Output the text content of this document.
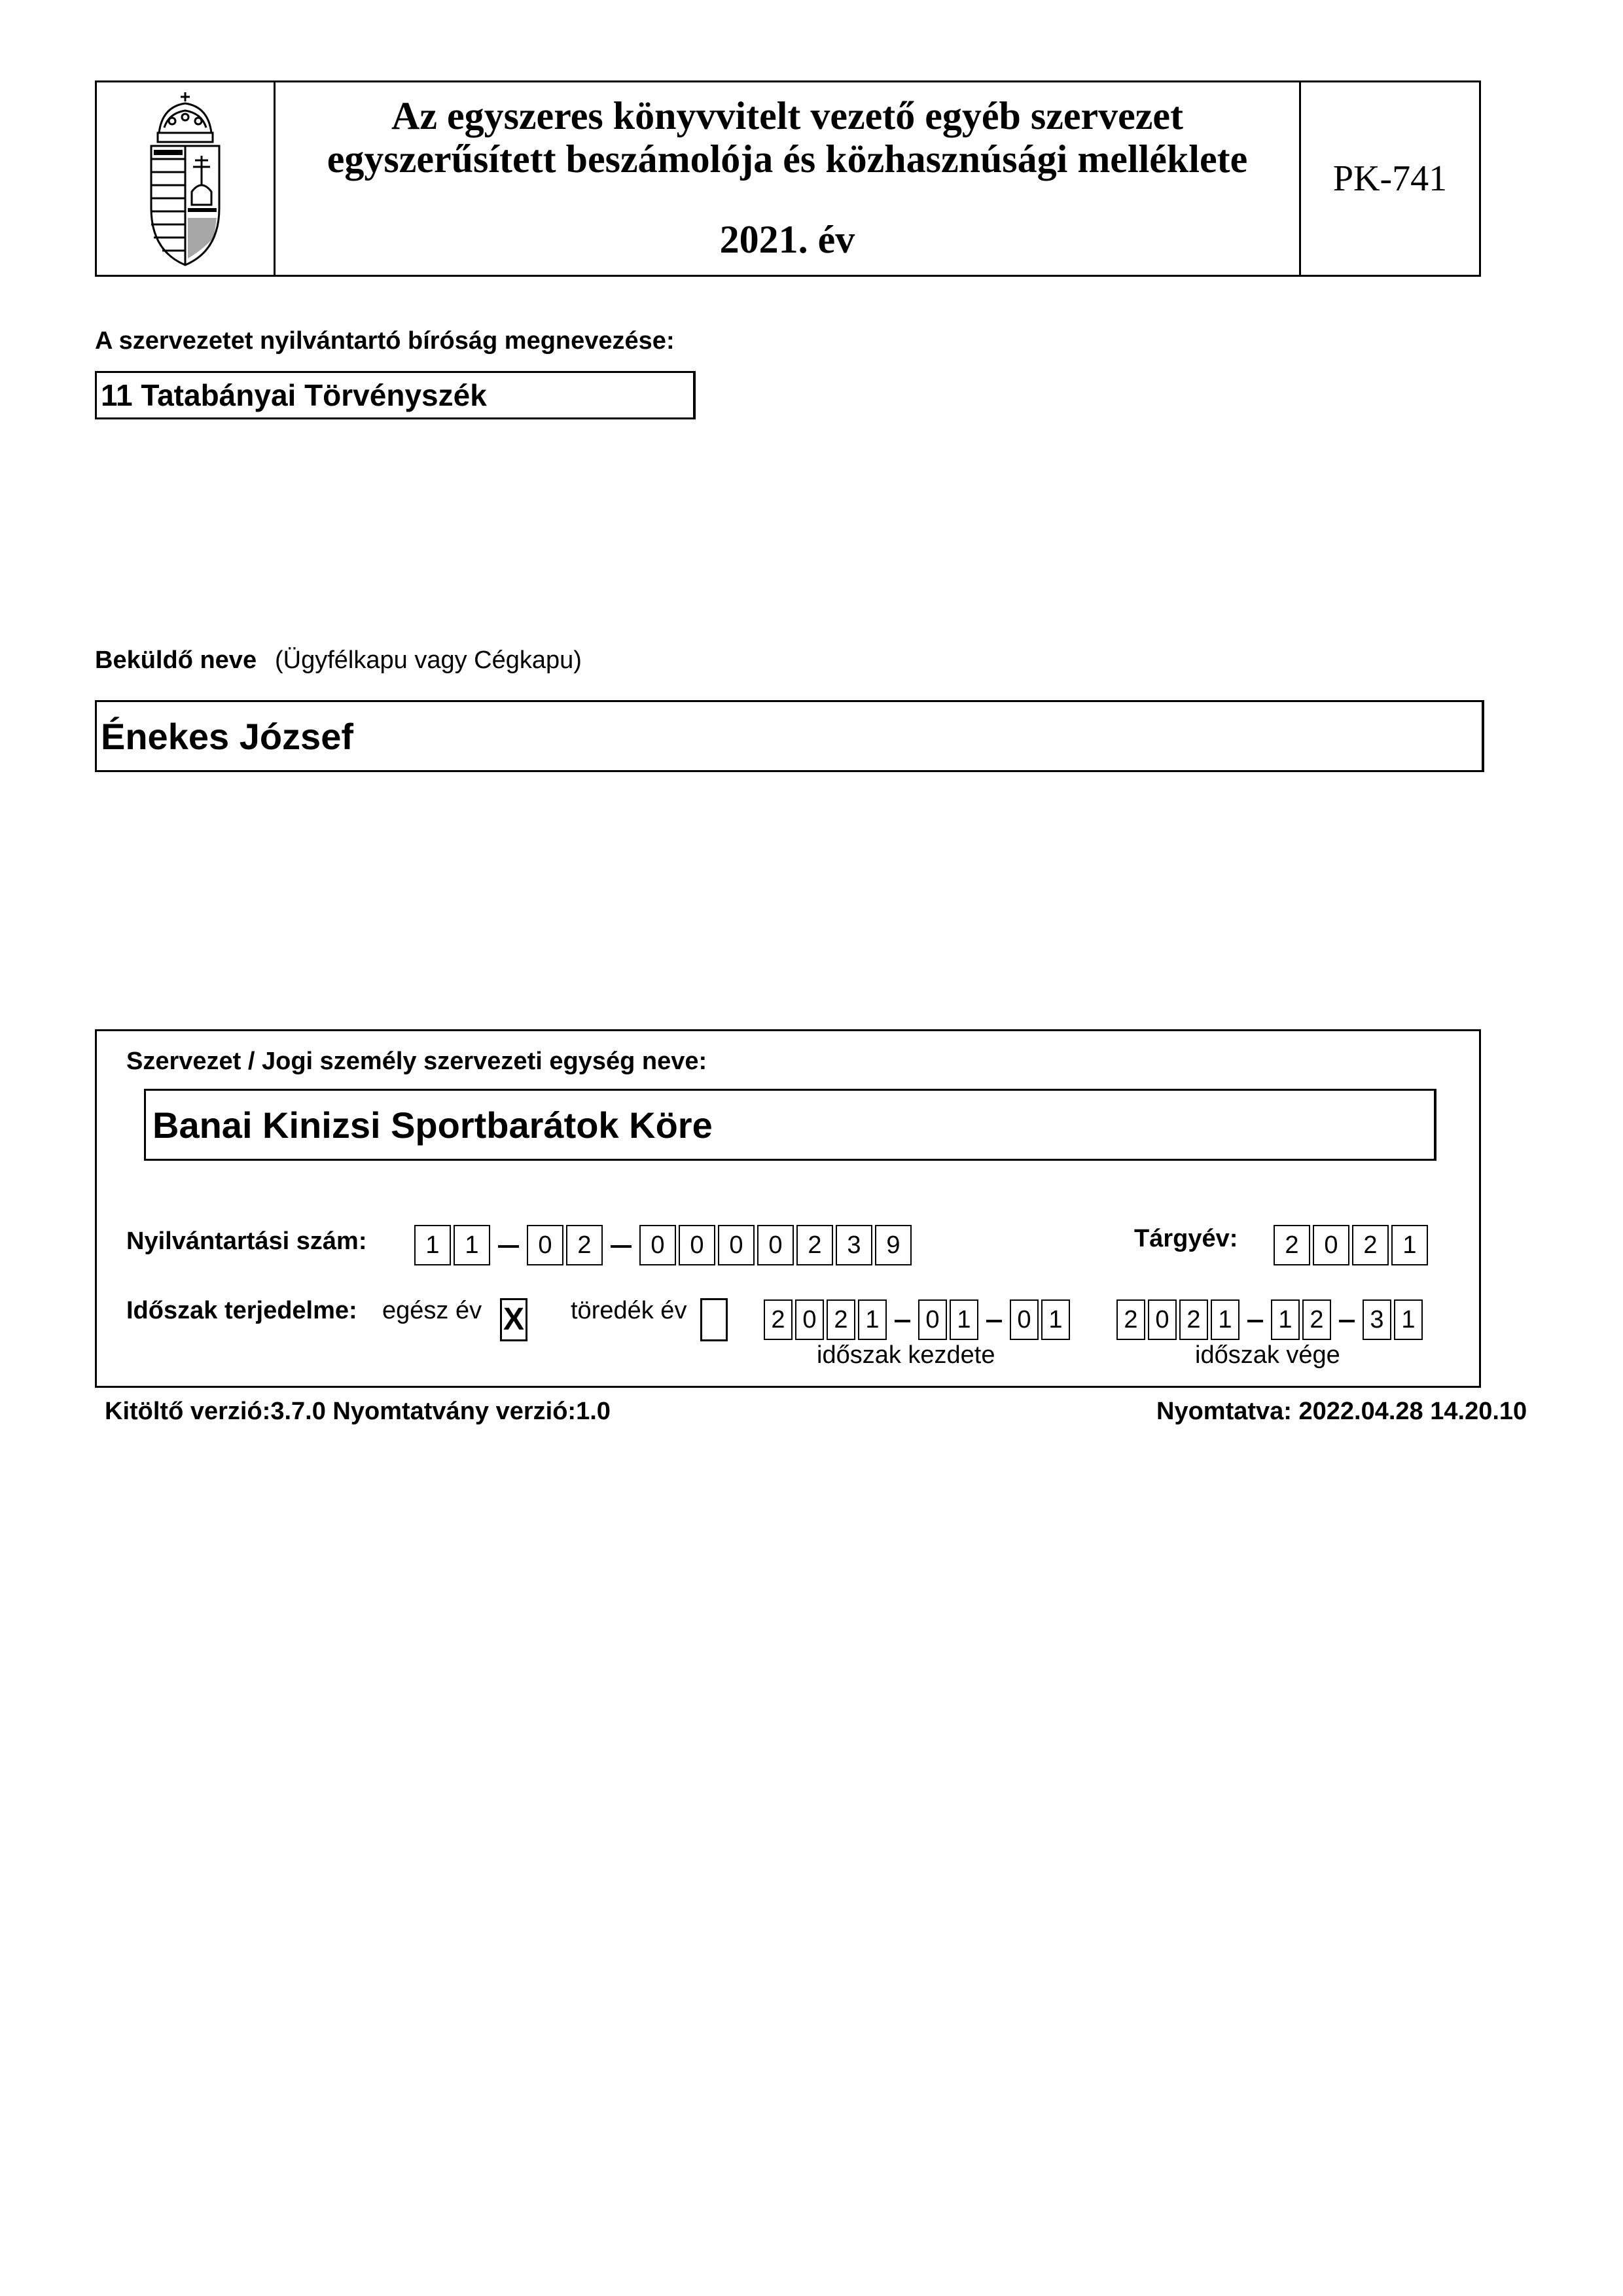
Az egyszeres könyvvitelt vezető egyéb szervezet
egyszerűsített beszámolója és közhasznúsági melléklete
2021. év
PK-741
A szervezetet nyilvántartó bíróság megnevezése:
11 Tatabányai Törvényszék
Beküldő neve (Ügyfélkapu vagy Cégkapu)
Énekes József
Szervezet / Jogi személy szervezeti egység neve:
Banai Kinizsi Sportbarátok Köre
Nyilvántartási szám:	1 1 0 2 0 0 0 0 2 3 9	Tárgyév:	2 0 2 1
Időszak terjedelme: egész év X töredék év	2 0 2 1 0 1 0 1
időszak kezdete
2 0 2 1 1 2 3 1
időszak vége
Kitöltő verzió:3.7.0 Nyomtatvány verzió:1.0	Nyomtatva: 2022.04.28 14.20.10
